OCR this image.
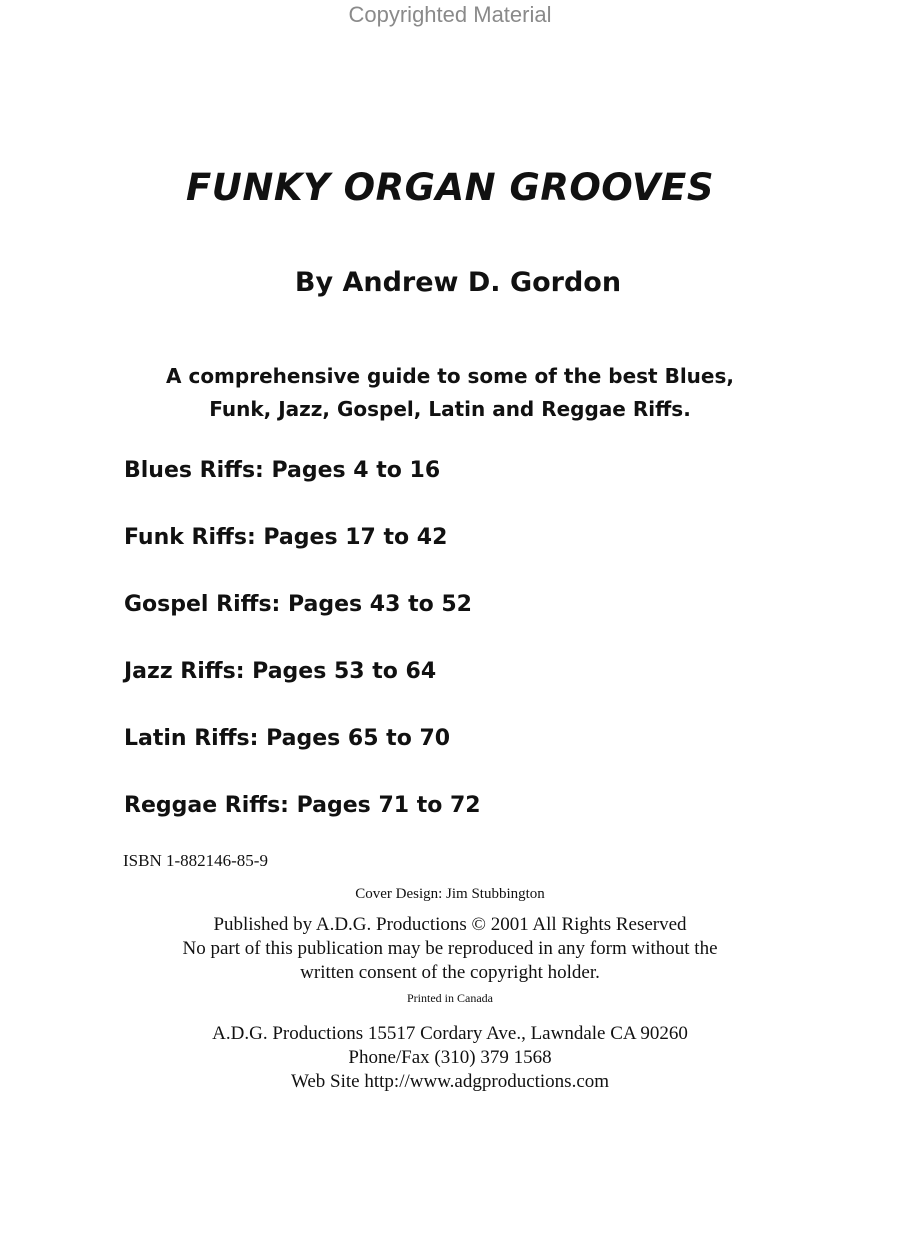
Copyrighted Material
FUNKY ORGAN GROOVES
By Andrew D. Gordon
A comprehensive guide to some of the best Blues,
Funk, Jazz, Gospel, Latin and Reggae Riffs.
Blues Riffs: Pages 4 to 16
Funk Riffs: Pages 17 to 42
Gospel Riffs: Pages 43 to 52
Jazz Riffs: Pages 53 to 64
Latin Riffs: Pages 65 to 70
Reggae Riffs: Pages 71 to 72
ISBN 1-882146-85-9
Cover Design: Jim Stubbington
Published by A.D.G. Productions © 2001 All Rights Reserved
No part of this publication may be reproduced in any form without the
written consent of the copyright holder.
Printed in Canada
A.D.G. Productions 15517 Cordary Ave., Lawndale CA 90260
Phone/Fax (310) 379 1568
Web Site http://www.adgproductions.com
